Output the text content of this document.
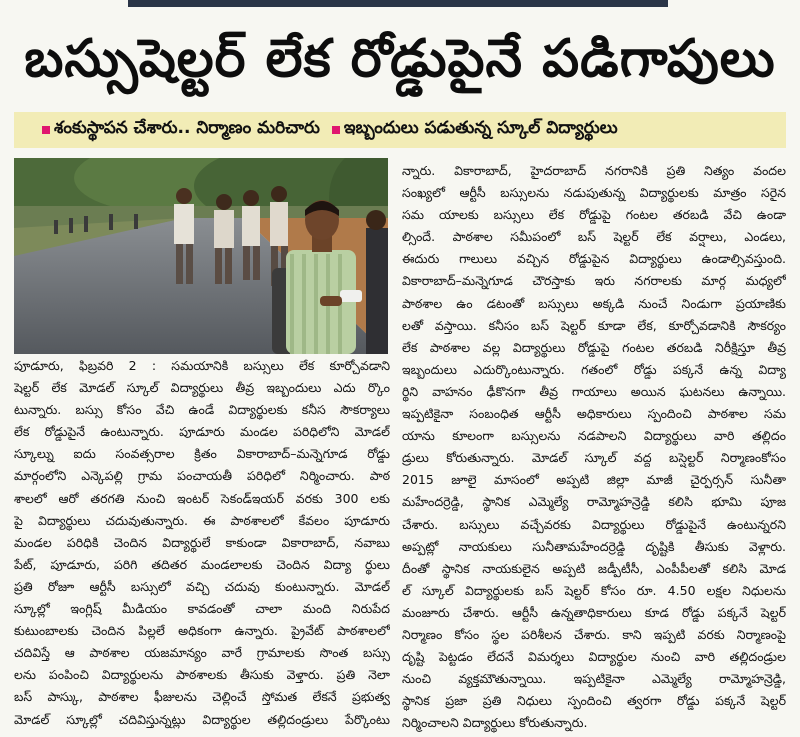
బస్సుషెల్టర్ లేక రోడ్డుపైనే పడిగాపులు
శంకుస్థాపన చేశారు.. నిర్మాణం మరిచారు ఇబ్బందులు పడుతున్న స్కూల్ విద్యార్థులు
పూడూరు, ఫిబ్రవరి 2 : సమయానికి బస్సులు లేక కూర్చోవడాని
షెల్టర్ లేక మోడల్ స్కూల్ విద్యార్థులు తీవ్ర ఇబ్బందులు ఎదు ర్కొం
టున్నారు. బస్సు కోసం వేచి ఉండే విద్యార్థులకు కనీస సౌకర్యాలు
లేక రోడ్డుపైనే ఉంటున్నారు. పూడూరు మండల పరిధిలోని మోడల్
స్కూల్ను ఐదు సంవత్సరాల క్రితం వికారాబాద్–మన్నెగూడ రోడ్డు
మార్గంలోని ఎన్కెపల్లి గ్రామ పంచాయతీ పరిధిలో నిర్మించారు. పాఠ
శాలలో ఆరో తరగతి నుంచి ఇంటర్ సెకండ్ఇయర్ వరకు 300 లకు
పై విద్యార్థులు చదువుతున్నారు. ఈ పాఠశాలలో కేవలం పూడూరు
మండల పరిధికి చెందిన విద్యార్థులే కాకుండా వికారాబాద్, నవాబు
పేట్, పూడూరు, పరిగి తదితర మండలాలకు చెందిన విద్యా ర్థులు
ప్రతి రోజూ ఆర్టీసీ బస్సులో వచ్చి చదువు కుంటున్నారు. మోడల్
స్కూల్లో ఇంగ్లిష్ మీడియం కావడంతో చాలా మంది నిరుపేద
కుటుంబాలకు చెందిన పిల్లలే అధికంగా ఉన్నారు. ప్రైవేట్ పాఠశాలలో
చదివిస్తే ఆ పాఠశాల యజమాన్యం వారే గ్రామాలకు సొంత బస్సు
లను పంపించి విద్యార్థులను పాఠశాలకు తీసుకు వెళ్తారు. ప్రతి నెలా
బస్ పాస్కు, పాఠశాల ఫీజులను చెల్లించే స్తోమత లేకనే ప్రభుత్వ
మోడల్ స్కూల్లో చదివిస్తున్నట్లు విద్యార్థుల తల్లిదండ్రులు పేర్కొంటు
న్నారు. వికారాబాద్, హైదరాబాద్ నగరానికి ప్రతి నిత్యం వందల
సంఖ్యలో ఆర్టీసీ బస్సులను నడుపుతున్న విద్యార్థులకు మాత్రం సరైన
సమ యాలకు బస్సులు లేక రోడ్డుపై గంటల తరబడి వేచి ఉండా
ల్సిందే. పాఠశాల సమీపంలో బస్ షెల్టర్ లేక వర్షాలు, ఎండలు,
ఈదురు గాలులు వచ్చిన రోడ్డుపైన విద్యార్థులు ఉండాల్సివస్తుంది.
వికారాబాద్–మన్నెగూడ చౌరస్తాకు ఇరు నగరాలకు మార్గ మధ్యలో
పాఠశాల ఉం డటంతో బస్సులు అక్కడి నుంచే నిండుగా ప్రయాణికు
లతో వస్తాయి. కనీసం బస్ షెల్టర్ కూడా లేక, కూర్చోవడానికి సౌకర్యం
లేక పాఠశాల వల్ల విద్యార్థులు రోడ్డుపై గంటల తరబడి నిరీక్షిస్తూ తీవ్ర
ఇబ్బందులు ఎదుర్కొంటున్నారు. గతంలో రోడ్డు పక్కనే ఉన్న విద్యా
ర్థిని వాహనం ఢీకొనగా తీవ్ర గాయాలు అయిన ఘటనలు ఉన్నాయి.
ఇప్పటికైనా సంబంధిత ఆర్టీసీ అధికారులు స్పందించి పాఠశాల సమ
యాను కూలంగా బస్సులను నడపాలని విద్యార్థులు వారి తల్లిదం
డ్రులు కోరుతున్నారు. మోడల్ స్కూల్ వద్ద బస్షెల్టర్ నిర్మాణంకోసం
2015 జూలై మాసంలో అప్పటి జిల్లా మాజీ చైర్పర్సన్ సునీతా
మహేందర్రెడ్డి, స్థానిక ఎమ్మెల్యే రామ్మోహన్రెడ్డి కలిసి భూమి పూజ
చేశారు. బస్సులు వచ్చేవరకు విద్యార్థులు రోడ్డుపైనే ఉంటున్నరని
అప్పట్లో నాయకులు సునీతామహేందర్రెడ్డి దృష్టికి తీసుకు వెళ్లారు.
దీంతో స్థానిక నాయకులైన అప్పటి జడ్పీటీసీ, ఎంపీపీలతో కలిసి మోడ
ల్ స్కూల్ విద్యార్థులకు బస్ షెల్టర్ కోసం రూ. 4.50 లక్షల నిధులను
మంజూరు చేశారు. ఆర్టీసీ ఉన్నతాధికారులు కూడ రోడ్డు పక్కనే షెల్టర్
నిర్మాణం కోసం స్థల పరిశీలన చేశారు. కాని ఇప్పటి వరకు నిర్మాణంపై
దృష్టి పెట్టడం లేదనే విమర్శలు విద్యార్థుల నుంచి వారి తల్లిదండ్రుల
నుంచి వ్యక్తమౌతున్నాయి. ఇప్పటికైనా ఎమ్మెల్యే రామ్మోహన్రెడ్డి,
స్థానిక ప్రజా ప్రతి నిధులు స్పందించి త్వరగా రోడ్డు పక్కనే షెల్టర్
నిర్మించాలని విద్యార్థులు కోరుతున్నారు.
